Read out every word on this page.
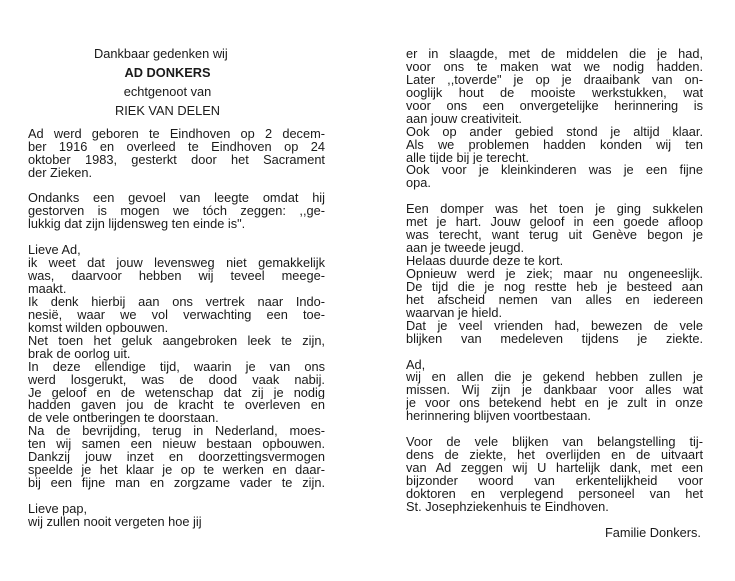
Dankbaar gedenken wij
AD DONKERS
echtgenoot van
RIEK VAN DELEN
Ad werd geboren te Eindhoven op 2 decem-
ber 1916 en overleed te Eindhoven op 24
oktober 1983, gesterkt door het Sacrament
der Zieken.
Ondanks een gevoel van leegte omdat hij
gestorven is mogen we tóch zeggen: ,,ge-
lukkig dat zijn lijdensweg ten einde is".
Lieve Ad,
ik weet dat jouw levensweg niet gemakkelijk
was, daarvoor hebben wij teveel meege-
maakt.
Ik denk hierbij aan ons vertrek naar Indo-
nesië, waar we vol verwachting een toe-
komst wilden opbouwen.
Net toen het geluk aangebroken leek te zijn,
brak de oorlog uit.
In deze ellendige tijd, waarin je van ons
werd losgerukt, was de dood vaak nabij.
Je geloof en de wetenschap dat zij je nodig
hadden gaven jou de kracht te overleven en
de vele ontberingen te doorstaan.
Na de bevrijding, terug in Nederland, moes-
ten wij samen een nieuw bestaan opbouwen.
Dankzij jouw inzet en doorzettingsvermogen
speelde je het klaar je op te werken en daar-
bij een fijne man en zorgzame vader te zijn.
Lieve pap,
wij zullen nooit vergeten hoe jij
er in slaagde, met de middelen die je had,
voor ons te maken wat we nodig hadden.
Later ,,toverde" je op je draaibank van on-
ooglijk hout de mooiste werkstukken, wat
voor ons een onvergetelijke herinnering is
aan jouw creativiteit.
Ook op ander gebied stond je altijd klaar.
Als we problemen hadden konden wij ten
alle tijde bij je terecht.
Ook voor je kleinkinderen was je een fijne
opa.
Een domper was het toen je ging sukkelen
met je hart. Jouw geloof in een goede afloop
was terecht, want terug uit Genève begon je
aan je tweede jeugd.
Helaas duurde deze te kort.
Opnieuw werd je ziek; maar nu ongeneeslijk.
De tijd die je nog restte heb je besteed aan
het afscheid nemen van alles en iedereen
waarvan je hield.
Dat je veel vrienden had, bewezen de vele
blijken van medeleven tijdens je ziekte.
Ad,
wij en allen die je gekend hebben zullen je
missen. Wij zijn je dankbaar voor alles wat
je voor ons betekend hebt en je zult in onze
herinnering blijven voortbestaan.
Voor de vele blijken van belangstelling tij-
dens de ziekte, het overlijden en de uitvaart
van Ad zeggen wij U hartelijk dank, met een
bijzonder woord van erkentelijkheid voor
doktoren en verplegend personeel van het
St. Josephziekenhuis te Eindhoven.
Familie Donkers.
